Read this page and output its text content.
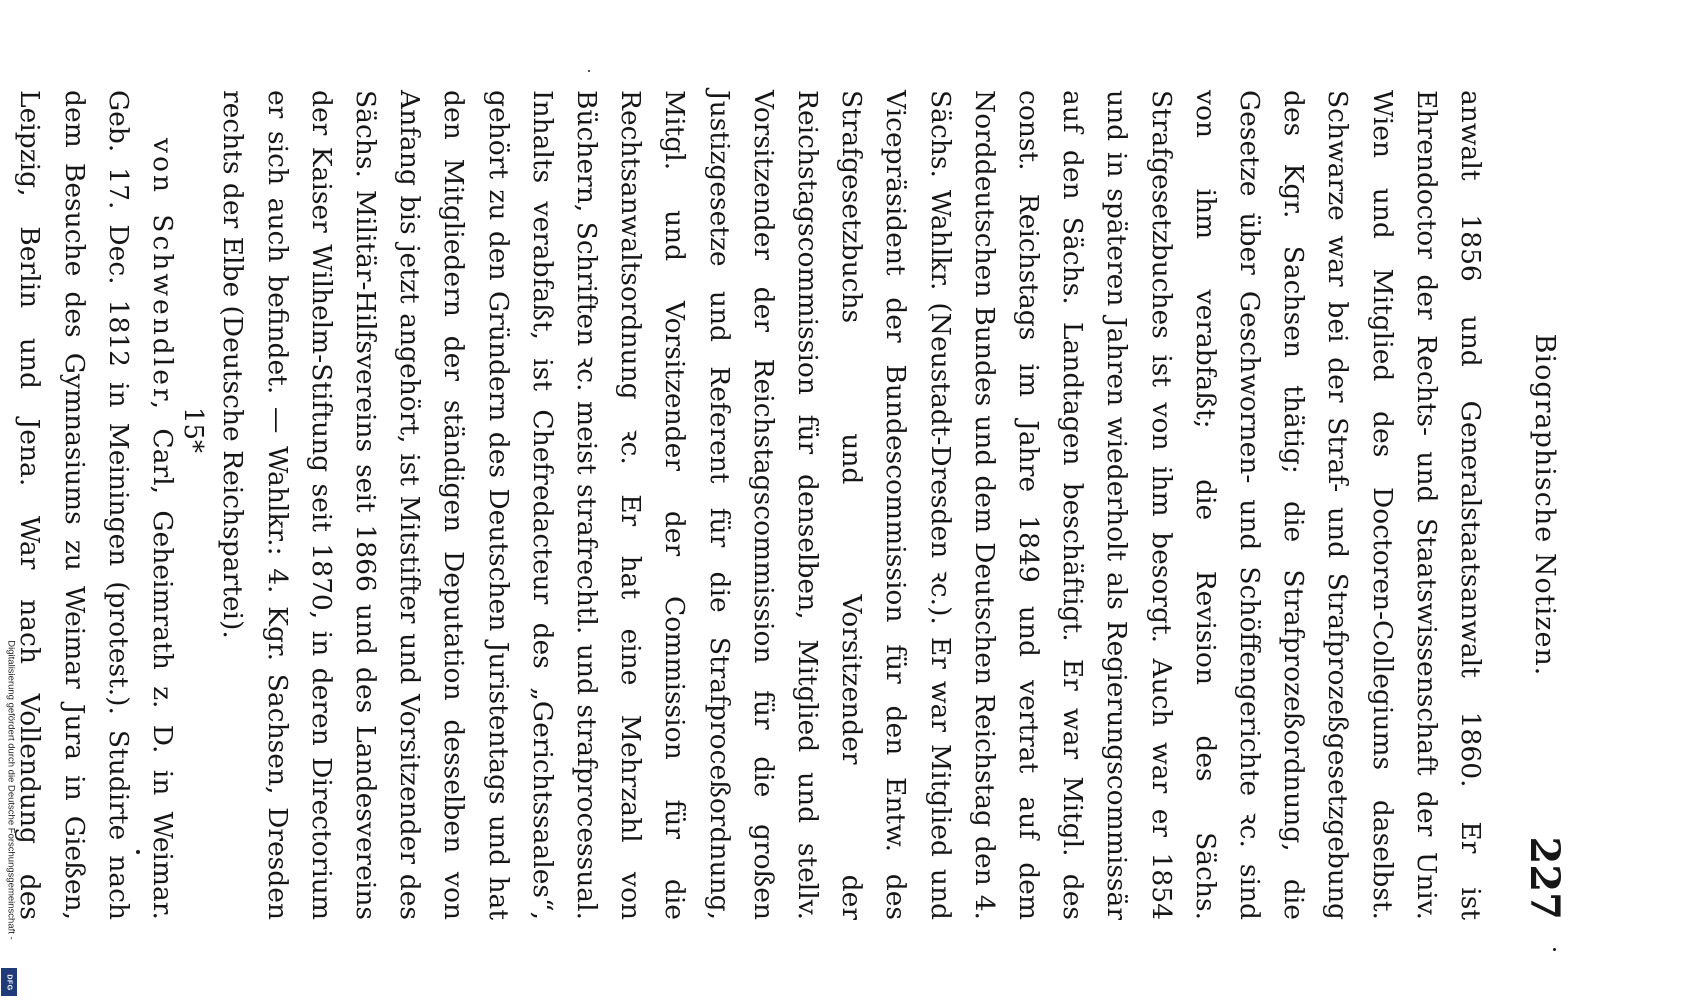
Digitalisierung gefördert durch die Deutsche Forschungsgemeinschaft -
DFG
Biographische Notizen.
227

anwalt 1856 und Generalstaatsanwalt 1860. Er ist Ehrendoctor der Rechts- und Staatswissenschaft der Univ. Wien und Mitglied des Doctoren-Collegiums daselbst. Schwarze war bei der Straf- und Strafprozeßgesetzgebung des Kgr. Sachsen thätig; die Strafprozeßordnung, die Gesetze über Geschwornen- und Schöffengerichte ꝛc. sind von ihm verabfaßt; die Revision des Sächs. Strafgesetzbuches ist von ihm besorgt. Auch war er 1854 und in späteren Jahren wiederholt als Regierungscommissär auf den Sächs. Landtagen beschäftigt. Er war Mitgl. des const. Reichstags im Jahre 1849 und vertrat auf dem Norddeutschen Bundes und dem Deutschen Reichstag den 4. Sächs. Wahlkr. (Neustadt-Dresden ꝛc.). Er war Mitglied und Vicepräsident der Bundescommission für den Entw. des Strafgesetzbuchs und Vorsitzender der Reichstagscommission für denselben, Mitglied und stellv. Vorsitzender der Reichstagscommission für die großen Justizgesetze und Referent für die Strafproceßordnung, Mitgl. und Vorsitzender der Commission für die Rechtsanwaltsordnung ꝛc. Er hat eine Mehrzahl von Büchern, Schriften ꝛc. meist strafrechtl. und strafprocessual. Inhalts verabfaßt, ist Chefredacteur des „Gerichtssaales“, gehört zu den Gründern des Deutschen Juristentags und hat den Mitgliedern der ständigen Deputation desselben von Anfang bis jetzt angehört, ist Mitstifter und Vorsitzender des Sächs. Militär-Hilfsvereins seit 1866 und des Landesvereins der Kaiser Wilhelm-Stiftung seit 1870, in deren Directorium er sich auch befindet. — Wahlkr.: 4. Kgr. Sachsen, Dresden rechts der Elbe (Deutsche Reichspartei).

von Schwendler, Carl, Geheimrath z. D. in Weimar. Geb. 17. Dec. 1812 in Meiningen (protest.). Studirte nach dem Besuche des Gymnasiums zu Weimar Jura in Gießen, Leipzig, Berlin und Jena. War nach Vollendung des

15*
